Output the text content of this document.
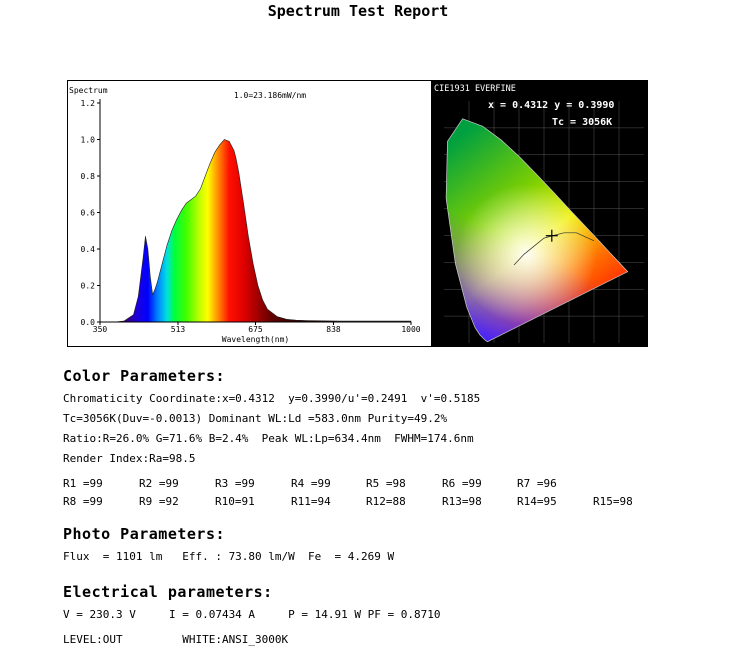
Spectrum Test Report
0.0
0.2
0.4
0.6
0.8
1.0
1.2
350	513	675	838	1000
Spectrum
1.0=23.186mW/nm
Wavelength(nm)
CIE1931 EVERFINE
x = 0.4312 y = 0.3990
Tc = 3056K
Color Parameters:
Chromaticity Coordinate:x=0.4312  y=0.3990/u'=0.2491  v'=0.5185
Tc=3056K(Duv=-0.0013) Dominant WL:Ld =583.0nm Purity=49.2%
Ratio:R=26.0% G=71.6% B=2.4%  Peak WL:Lp=634.4nm  FWHM=174.6nm
Render Index:Ra=98.5
R1 =99	R2 =99	R3 =99	R4 =99	R5 =98	R6 =99	R7 =96
R8 =99	R9 =92	R10=91	R11=94	R12=88	R13=98	R14=95	R15=98
Photo Parameters:
Flux  = 1101 lm   Eff. : 73.80 lm/W  Fe  = 4.269 W
Electrical parameters:
V = 230.3 V     I = 0.07434 A     P = 14.91 W PF = 0.8710
LEVEL:OUT         WHITE:ANSI_3000K
